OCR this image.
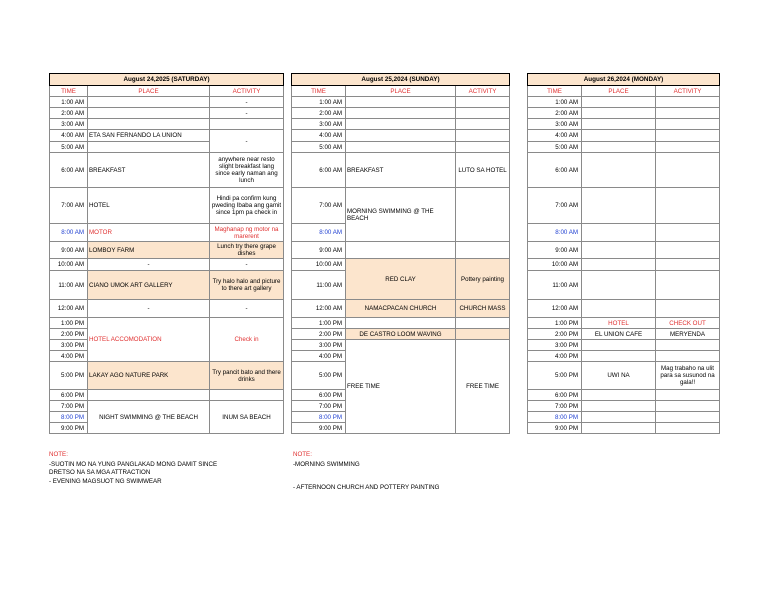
August 24,2025 (SATURDAY)		
TIME	PLACE	ACTIVITY
1:00 AM		-
2:00 AM		-
3:00 AM		
4:00 AM	ETA SAN FERNANDO LA UNION	-
5:00 AM		
6:00 AM	BREAKFAST	anywhere near resto slight breakfast lang since early naman ang lunch
7:00 AM	HOTEL	Hindi pa confirm kung pweding Ibaba ang gamit since 1pm pa check in
8:00 AM	MOTOR	Maghanap ng motor na marerent
9:00 AM	LOMBOY FARM	Lunch try there grape dishes
10:00 AM	-	-
11:00 AM	CIANO UMOK ART GALLERY	Try halo halo and picture to there art gallery
12:00 AM	-	-
1:00 PM	HOTEL ACCOMODATION	Check in
2:00 PM		
3:00 PM		
4:00 PM		
5:00 PM	LAKAY AGO NATURE PARK	Try pancit bato and there drinks
6:00 PM		
7:00 PM	NIGHT SWIMMING @ THE BEACH	INUM SA BEACH
8:00 PM		
9:00 PM		
August 25,2024 (SUNDAY)		
TIME	PLACE	ACTIVITY
1:00 AM		
2:00 AM		
3:00 AM		
4:00 AM		
5:00 AM		
6:00 AM	BREAKFAST	LUTO SA HOTEL
7:00 AM	MORNING SWIMMING @ THE BEACH	
8:00 AM		
9:00 AM		
10:00 AM	RED CLAY	Pottery painting
11:00 AM		
12:00 AM	NAMACPACAN CHURCH	CHURCH MASS
1:00 PM		
2:00 PM	DE CASTRO LOOM WAVING	
3:00 PM	FREE TIME	FREE TIME
4:00 PM		
5:00 PM		
6:00 PM		
7:00 PM		
8:00 PM		
9:00 PM		
August 26,2024 (MONDAY)		
TIME	PLACE	ACTIVITY
1:00 AM		
2:00 AM		
3:00 AM		
4:00 AM		
5:00 AM		
6:00 AM		
7:00 AM		
8:00 AM		
9:00 AM		
10:00 AM		
11:00 AM		
12:00 AM		
1:00 PM	HOTEL	CHECK OUT
2:00 PM	EL UNION CAFE	MERYENDA
3:00 PM		
4:00 PM		
5:00 PM	UWI NA	Mag trabaho na ulit para sa susunod na gala!!
6:00 PM		
7:00 PM		
8:00 PM		
9:00 PM		
NOTE:
-SUOTIN MO NA YUNG PANGLAKAD MONG DAMIT SINCE DRETSO NA SA MGA ATTRACTION
- EVENING MAGSUOT NG SWIMWEAR
NOTE:
-MORNING SWIMMING
- AFTERNOON CHURCH AND POTTERY PAINTING
